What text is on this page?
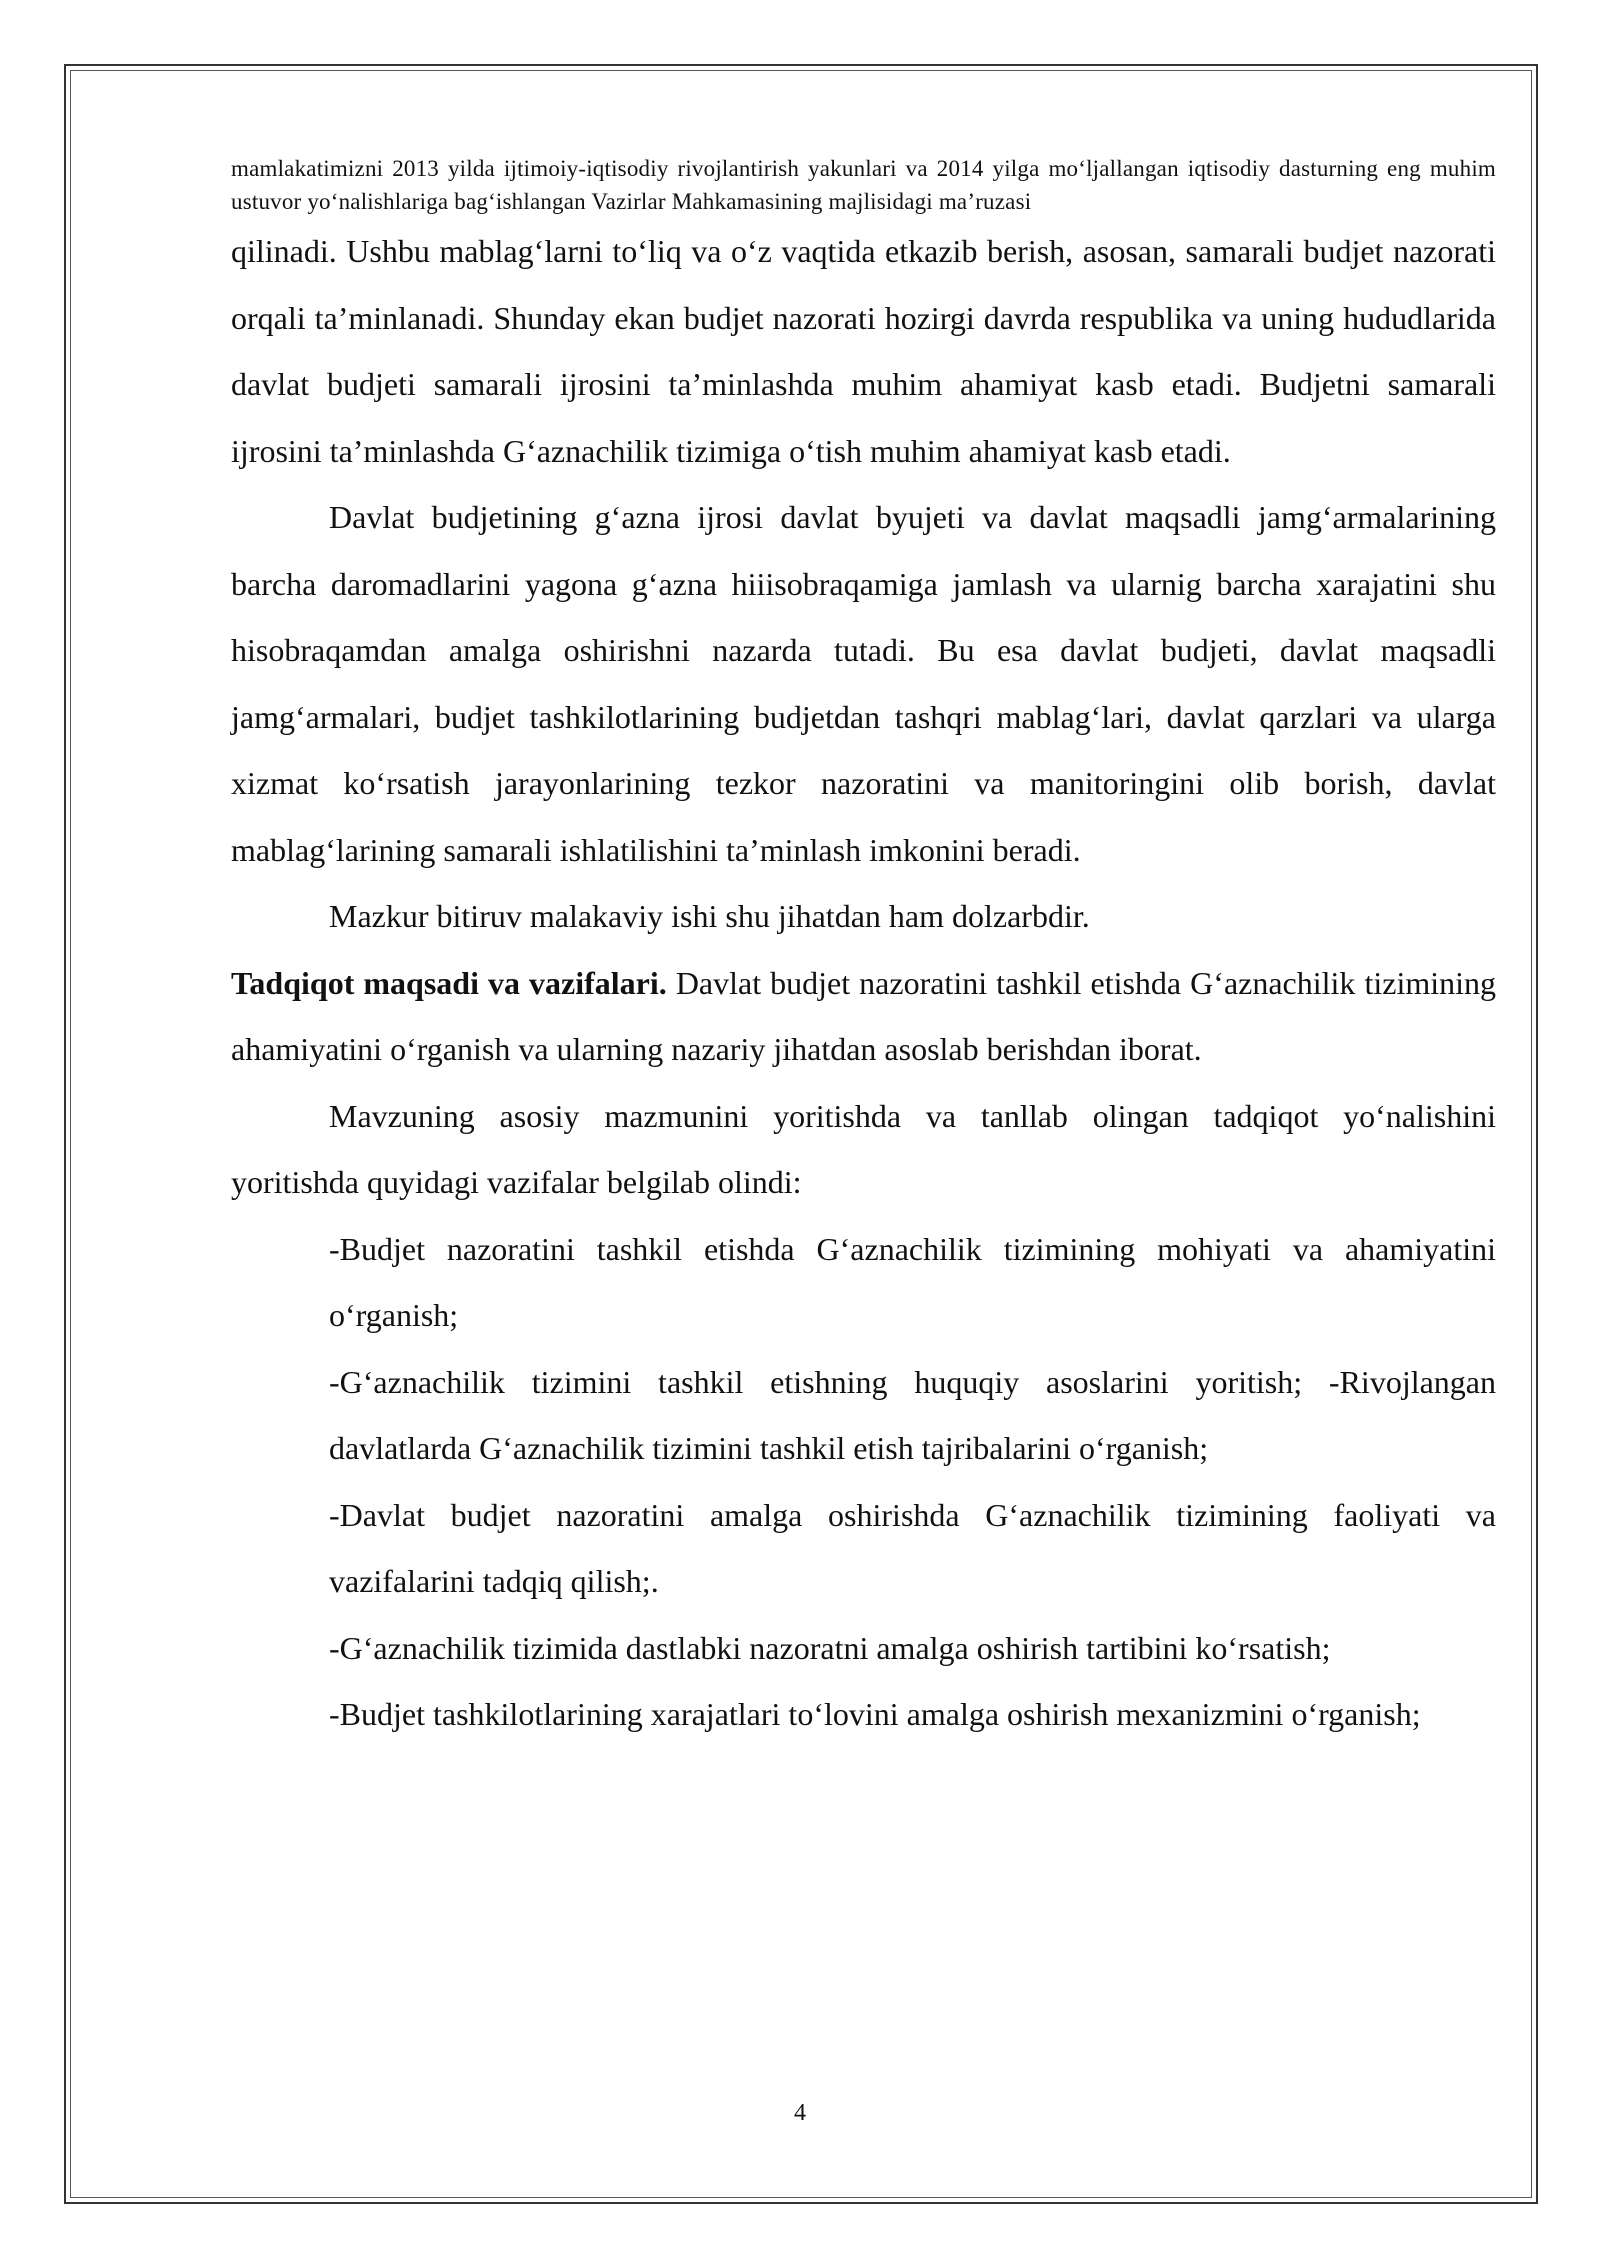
mamlakatimizni 2013 yilda ijtimoiy-iqtisodiy rivojlantirish yakunlari va 2014 yilga mo‘ljallangan iqtisodiy dasturning eng muhim ustuvor yo‘nalishlariga bag‘ishlangan Vazirlar Mahkamasining majlisidagi ma’ruzasi

qilinadi. Ushbu mablag‘larni to‘liq va o‘z vaqtida etkazib berish, asosan, samarali budjet nazorati orqali ta’minlanadi. Shunday ekan budjet nazorati hozirgi davrda respublika va uning hududlarida davlat budjeti samarali ijrosini ta’minlashda muhim ahamiyat kasb etadi. Budjetni samarali ijrosini ta’minlashda G‘aznachilik tizimiga o‘tish muhim ahamiyat kasb etadi.

Davlat budjetining g‘azna ijrosi davlat byujeti va davlat maqsadli jamg‘armalarining barcha daromadlarini yagona g‘azna hiiisobraqamiga jamlash va ularnig barcha xarajatini shu hisobraqamdan amalga oshirishni nazarda tutadi. Bu esa davlat budjeti, davlat maqsadli jamg‘armalari, budjet tashkilotlarining budjetdan tashqri mablag‘lari, davlat qarzlari va ularga xizmat ko‘rsatish jarayonlarining tezkor nazoratini va manitoringini olib borish, davlat mablag‘larining samarali ishlatilishini ta’minlash imkonini beradi.

Mazkur bitiruv malakaviy ishi shu jihatdan ham dolzarbdir.

Tadqiqot maqsadi va vazifalari. Davlat budjet nazoratini tashkil etishda G‘aznachilik tizimining ahamiyatini o‘rganish va ularning nazariy jihatdan asoslab berishdan iborat.

Mavzuning asosiy mazmunini yoritishda va tanllab olingan tadqiqot yo‘nalishini yoritishda quyidagi vazifalar belgilab olindi:

-Budjet nazoratini tashkil etishda G‘aznachilik tizimining mohiyati va ahamiyatini o‘rganish;
-G‘aznachilik tizimini tashkil etishning huquqiy asoslarini yoritish; -Rivojlangan davlatlarda G‘aznachilik tizimini tashkil etish tajribalarini o‘rganish;
-Davlat budjet nazoratini amalga oshirishda G‘aznachilik tizimining faoliyati va vazifalarini tadqiq qilish;.
-G‘aznachilik tizimida dastlabki nazoratni amalga oshirish tartibini ko‘rsatish;
-Budjet tashkilotlarining xarajatlari to‘lovini amalga oshirish mexanizmini o‘rganish;
4
